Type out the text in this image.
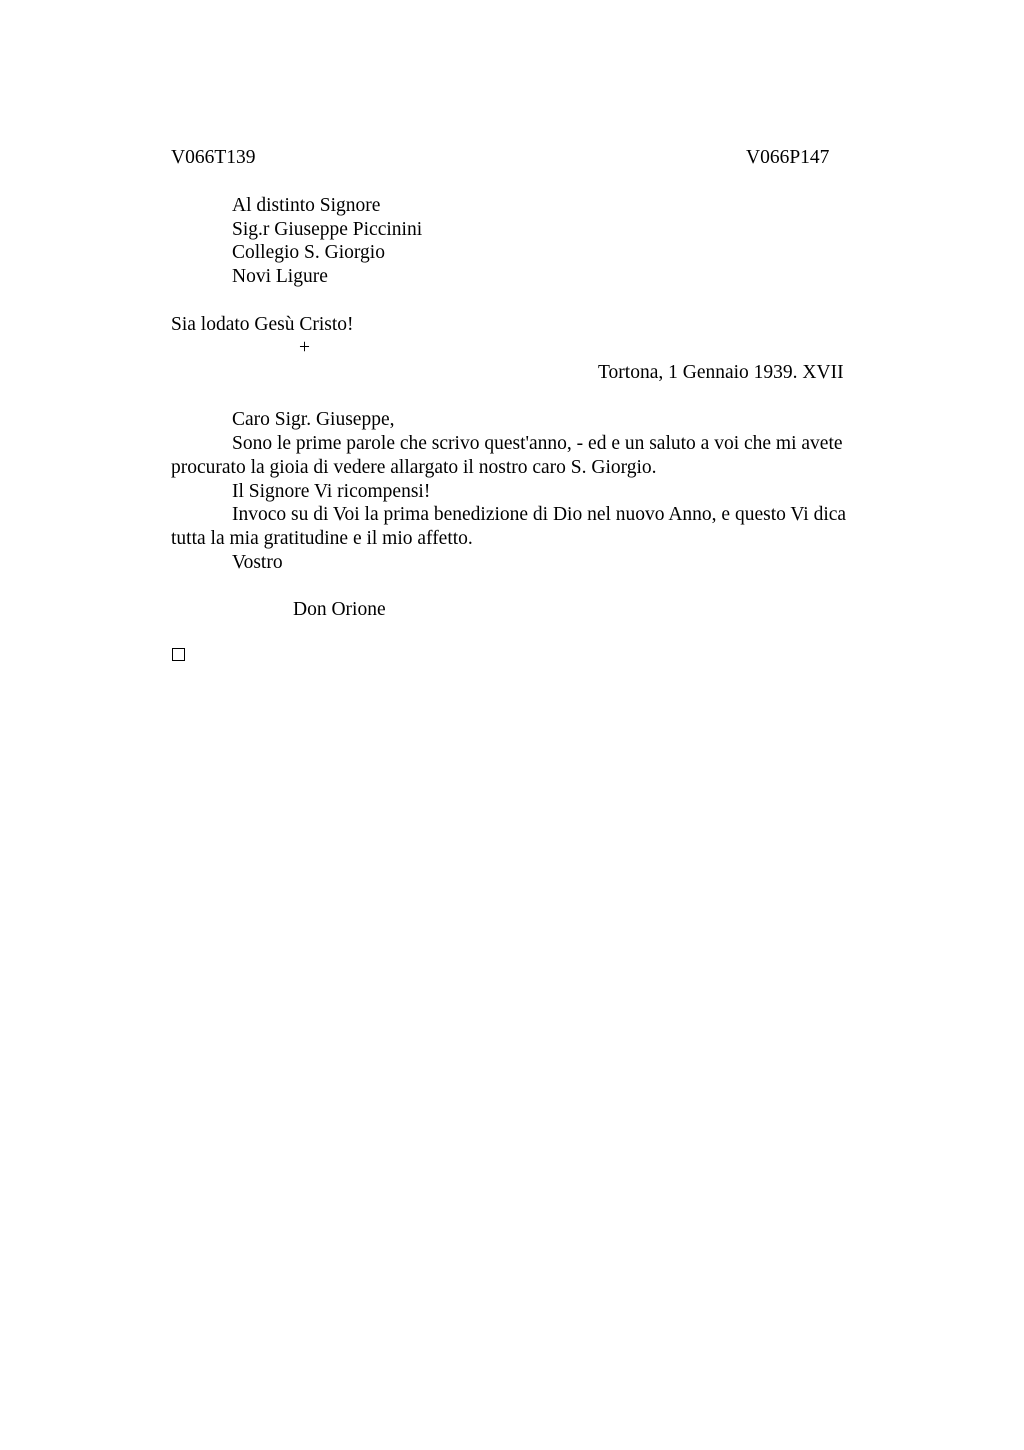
V066T139	V066P147
Al distinto Signore
Sig.r Giuseppe Piccinini
Collegio S. Giorgio
Novi Ligure
Sia lodato Gesù Cristo!
+
Tortona, 1 Gennaio 1939. XVII
Caro Sigr. Giuseppe,
Sono le prime parole che scrivo quest'anno, - ed e un saluto a voi che mi avete
procurato la gioia di vedere allargato il nostro caro S. Giorgio.
Il Signore Vi ricompensi!
Invoco su di Voi la prima benedizione di Dio nel nuovo Anno, e questo Vi dica
tutta la mia gratitudine e il mio affetto.
Vostro
Don Orione
